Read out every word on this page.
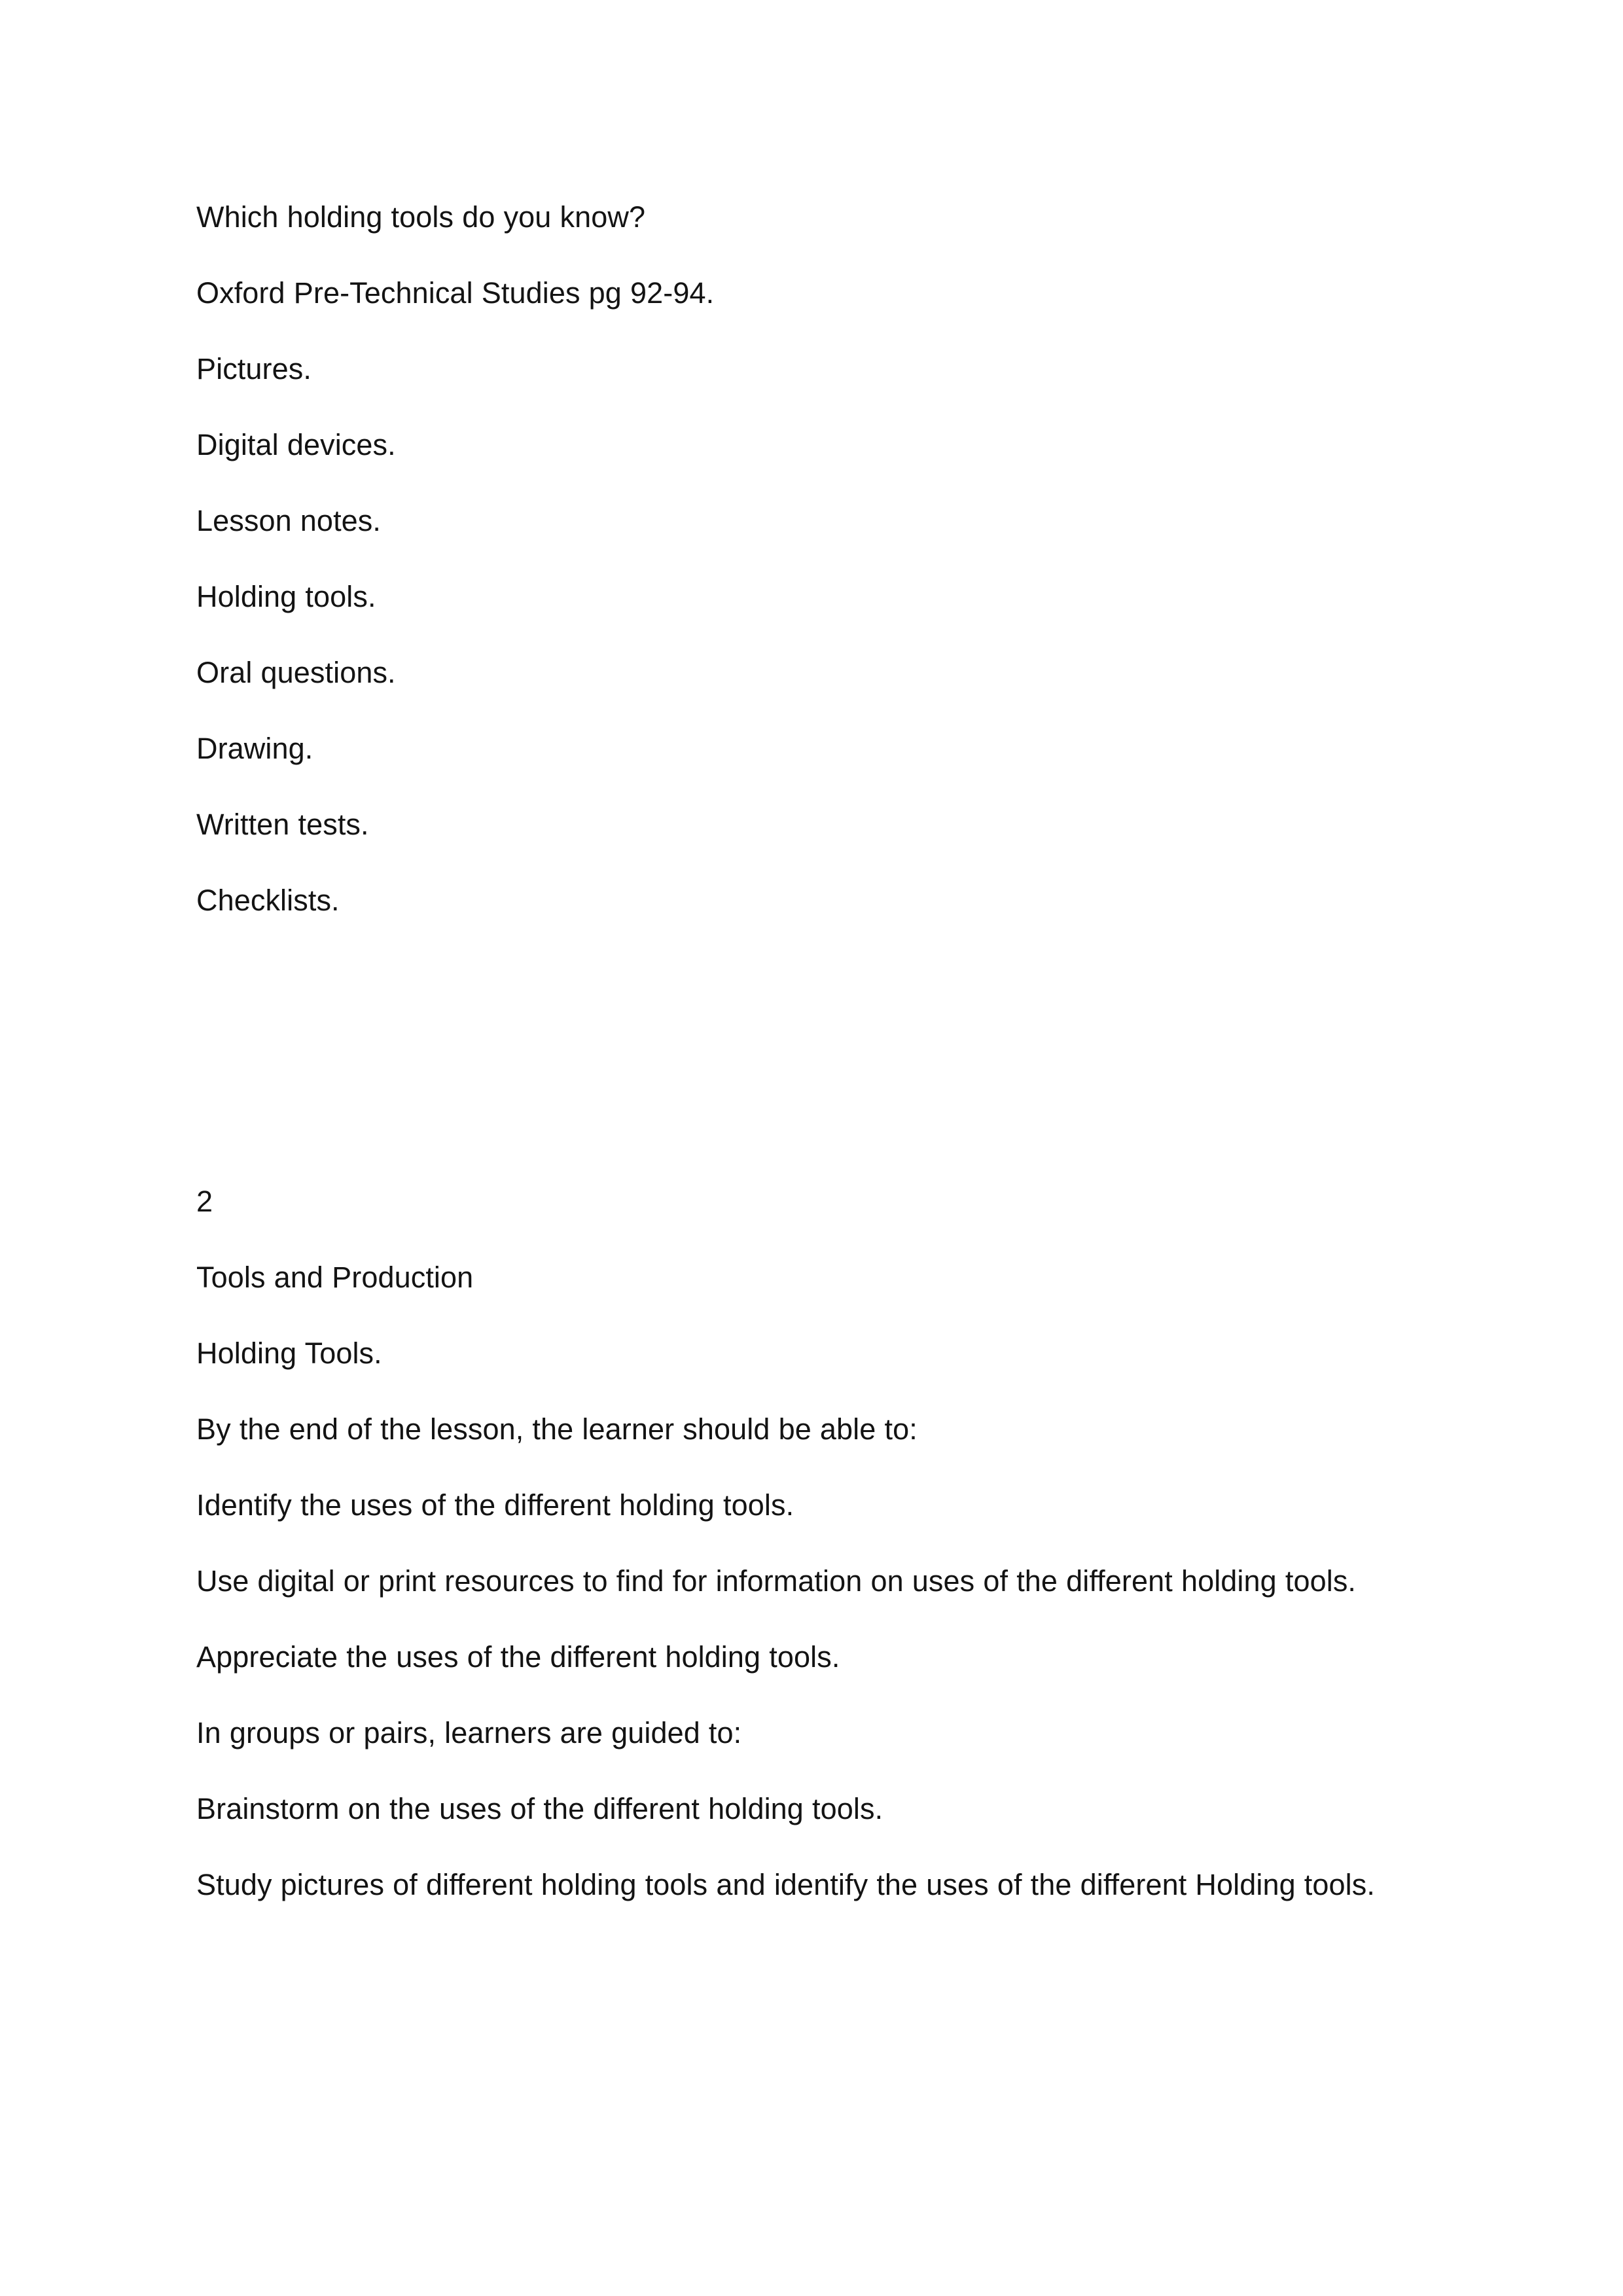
Which holding tools do you know?

Oxford Pre-Technical Studies pg 92-94.

Pictures.

Digital devices.

Lesson notes.

Holding tools.

Oral questions.

Drawing.

Written tests.

Checklists.

2

Tools and Production

Holding Tools.

By the end of the lesson, the learner should be able to:

Identify the uses of the different holding tools.

Use digital or print resources to find for information on uses of the different holding tools.

Appreciate the uses of the different holding tools.

In groups or pairs, learners are guided to:

Brainstorm on the uses of the different holding tools.

Study pictures of different holding tools and identify the uses of the different Holding tools.
